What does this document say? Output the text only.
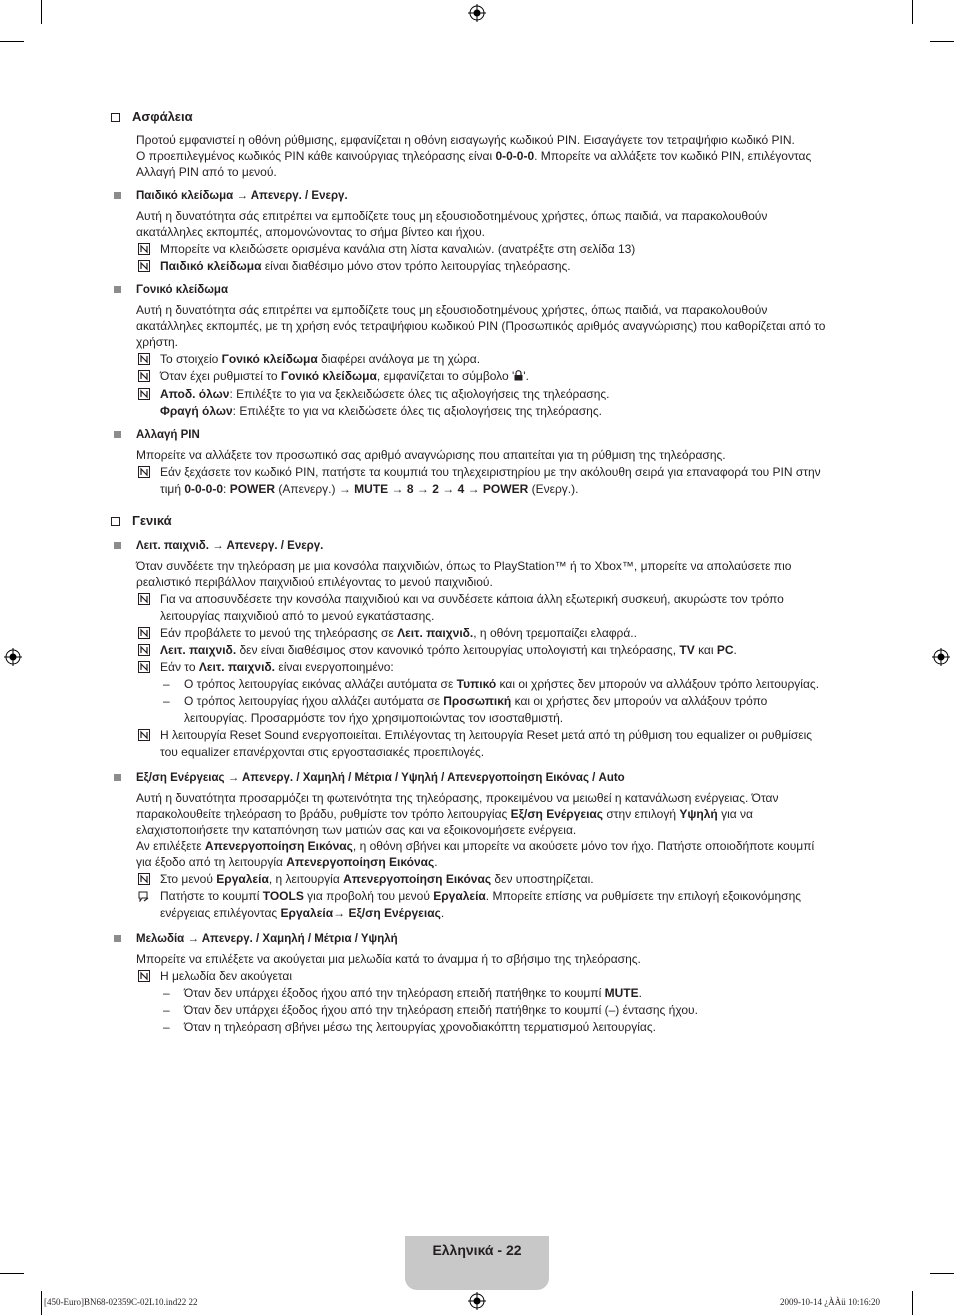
Ασφάλεια

Προτού εμφανιστεί η οθόνη ρύθμισης, εμφανίζεται η οθόνη εισαγωγής κωδικού PIN. Εισαγάγετε τον τετραψήφιο κωδικό PIN.

Ο προεπιλεγμένος κωδικός PIN κάθε καινούργιας τηλεόρασης είναι 0-0-0-0. Μπορείτε να αλλάξετε τον κωδικό PIN, επιλέγοντας

Αλλαγή PIN από το μενού.

Παιδικό κλείδωμα → Απενεργ. / Ενεργ.

Αυτή η δυνατότητα σάς επιτρέπει να εμποδίζετε τους μη εξουσιοδοτημένους χρήστες, όπως παιδιά, να παρακολουθούν

ακατάλληλες εκπομπές, απομονώνοντας το σήμα βίντεο και ήχου.

Μπορείτε να κλειδώσετε ορισμένα κανάλια στη λίστα καναλιών. (ανατρέξτε στη σελίδα 13)
Παιδικό κλείδωμα είναι διαθέσιμο μόνο στον τρόπο λειτουργίας τηλεόρασης.
Γονικό κλείδωμα

Αυτή η δυνατότητα σάς επιτρέπει να εμποδίζετε τους μη εξουσιοδοτημένους χρήστες, όπως παιδιά, να παρακολουθούν

ακατάλληλες εκπομπές, με τη χρήση ενός τετραψήφιου κωδικού PIN (Προσωπικός αριθμός αναγνώρισης) που καθορίζεται από το

χρήστη.

Το στοιχείο Γονικό κλείδωμα διαφέρει ανάλογα με τη χώρα.
Όταν έχει ρυθμιστεί το Γονικό κλείδωμα, εμφανίζεται το σύμβολο ' '.
Αποδ. όλων: Επιλέξτε το για να ξεκλειδώσετε όλες τις αξιολογήσεις της τηλεόρασης.
Φραγή όλων: Επιλέξτε το για να κλειδώσετε όλες τις αξιολογήσεις της τηλεόρασης.
Αλλαγή PIN

Μπορείτε να αλλάξετε τον προσωπικό σας αριθμό αναγνώρισης που απαιτείται για τη ρύθμιση της τηλεόρασης.

Εάν ξεχάσετε τον κωδικό PIN, πατήστε τα κουμπιά του τηλεχειριστηρίου με την ακόλουθη σειρά για επαναφορά του PIN στην
τιμή 0-0-0-0: POWER (Απενεργ.) → MUTE → 8 → 2 → 4 → POWER (Ενεργ.).
Γενικά
Λειτ. παιχνιδ. → Απενεργ. / Ενεργ.

Όταν συνδέετε την τηλεόραση με μια κονσόλα παιχνιδιών, όπως το PlayStation™ ή το Xbox™, μπορείτε να απολαύσετε πιο

ρεαλιστικό περιβάλλον παιχνιδιού επιλέγοντας το μενού παιχνιδιού.

Για να αποσυνδέσετε την κονσόλα παιχνιδιού και να συνδέσετε κάποια άλλη εξωτερική συσκευή, ακυρώστε τον τρόπο
λειτουργίας παιχνιδιού από το μενού εγκατάστασης.
Εάν προβάλετε το μενού της τηλεόρασης σε Λειτ. παιχνιδ., η οθόνη τρεμοπαίζει ελαφρά..
Λειτ. παιχνιδ. δεν είναι διαθέσιμος στον κανονικό τρόπο λειτουργίας υπολογιστή και τηλεόρασης, TV και PC.
Εάν το Λειτ. παιχνιδ. είναι ενεργοποιημένο:
– Ο τρόπος λειτουργίας εικόνας αλλάζει αυτόματα σε Τυπικό και οι χρήστες δεν μπορούν να αλλάξουν τρόπο λειτουργίας.
– Ο τρόπος λειτουργίας ήχου αλλάζει αυτόματα σε Προσωπική και οι χρήστες δεν μπορούν να αλλάξουν τρόπο
λειτουργίας. Προσαρμόστε τον ήχο χρησιμοποιώντας τον ισοσταθμιστή.
Η λειτουργία Reset Sound ενεργοποιείται. Επιλέγοντας τη λειτουργία Reset μετά από τη ρύθμιση του equalizer οι ρυθμίσεις
του equalizer επανέρχονται στις εργοστασιακές προεπιλογές.
Εξ/ση Ενέργειας → Απενεργ. / Χαμηλή / Μέτρια / Υψηλή / Απενεργοποίηση Εικόνας / Auto

Αυτή η δυνατότητα προσαρμόζει τη φωτεινότητα της τηλεόρασης, προκειμένου να μειωθεί η κατανάλωση ενέργειας. Όταν

παρακολουθείτε τηλεόραση το βράδυ, ρυθμίστε τον τρόπο λειτουργίας Εξ/ση Ενέργειας στην επιλογή Υψηλή για να

ελαχιστοποιήσετε την καταπόνηση των ματιών σας και να εξοικονομήσετε ενέργεια.

Αν επιλέξετε Απενεργοποίηση Εικόνας, η οθόνη σβήνει και μπορείτε να ακούσετε μόνο τον ήχο. Πατήστε οποιοδήποτε κουμπί

για έξοδο από τη λειτουργία Απενεργοποίηση Εικόνας.

Στο μενού Εργαλεία, η λειτουργία Απενεργοποίηση Εικόνας δεν υποστηρίζεται.
Πατήστε το κουμπί TOOLS για προβολή του μενού Εργαλεία. Μπορείτε επίσης να ρυθμίσετε την επιλογή εξοικονόμησης
ενέργειας επιλέγοντας Εργαλεία→ Εξ/ση Ενέργειας.
Μελωδία → Απενεργ. / Χαμηλή / Μέτρια / Υψηλή

Μπορείτε να επιλέξετε να ακούγεται μια μελωδία κατά το άναμμα ή το σβήσιμο της τηλεόρασης.

Η μελωδία δεν ακούγεται
– Όταν δεν υπάρχει έξοδος ήχου από την τηλεόραση επειδή πατήθηκε το κουμπί MUTE.
– Όταν δεν υπάρχει έξοδος ήχου από την τηλεόραση επειδή πατήθηκε το κουμπί (–) έντασης ήχου.
– Όταν η τηλεόραση σβήνει μέσω της λειτουργίας χρονοδιακόπτη τερματισμού λειτουργίας.
Ελληνικά - 22
[450-Euro]BN68-02359C-02L10.ind22 22	2009-10-14 ¿ÀÀü 10:16:20
